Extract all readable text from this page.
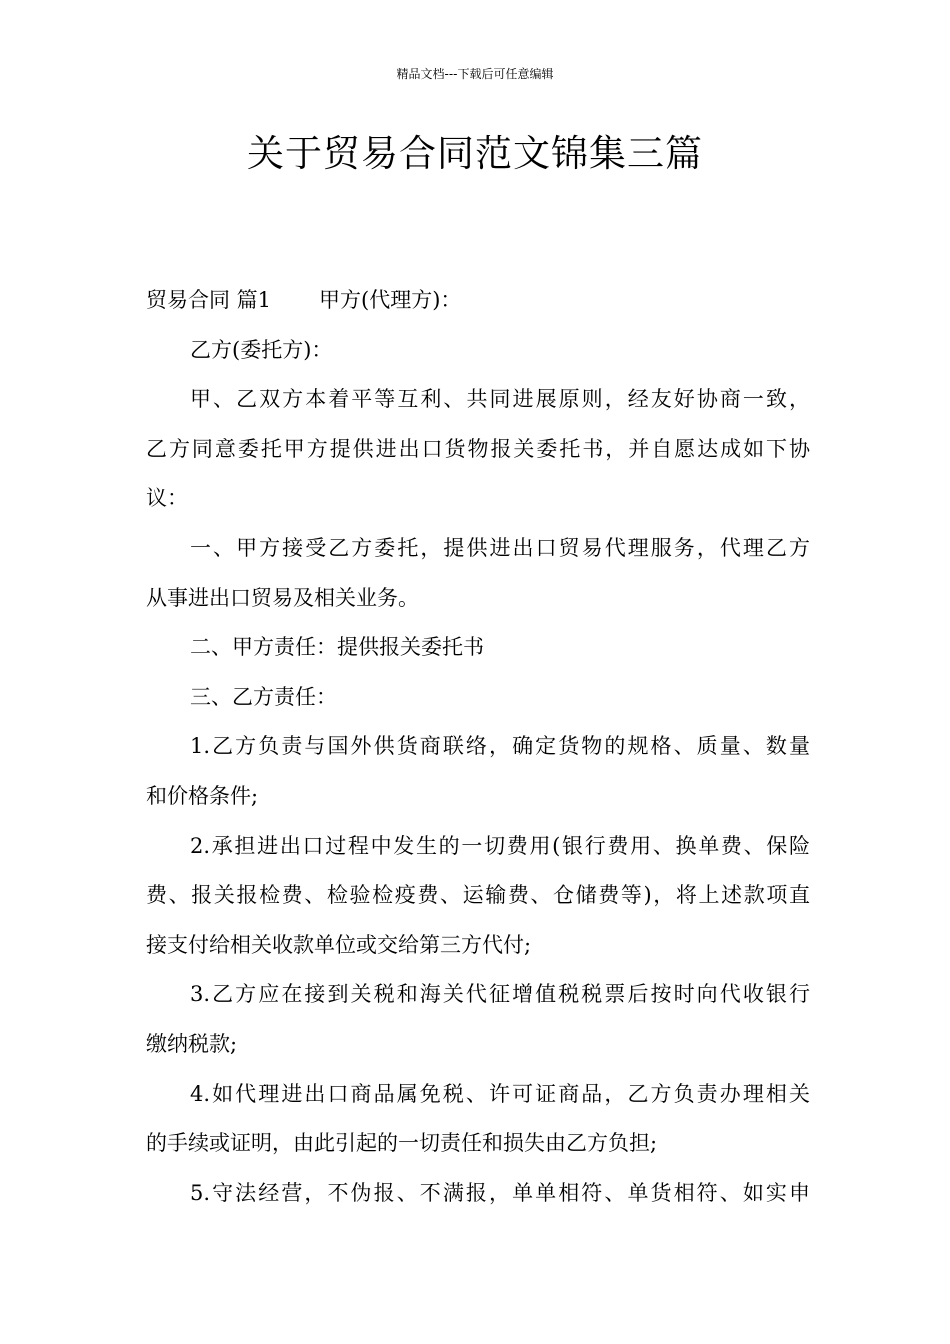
精品文档---下载后可任意编辑
关于贸易合同范文锦集三篇
贸易合同 篇1 甲方(代理方)：
乙方(委托方)：
甲、乙双方本着平等互利、共同进展原则，经友好协商一致，
乙方同意委托甲方提供进出口货物报关委托书，并自愿达成如下协
议：
一、甲方接受乙方委托，提供进出口贸易代理服务，代理乙方
从事进出口贸易及相关业务。
二、甲方责任：提供报关委托书
三、乙方责任：
1.乙方负责与国外供货商联络，确定货物的规格、质量、数量
和价格条件;
2.承担进出口过程中发生的一切费用(银行费用、换单费、保险
费、报关报检费、检验检疫费、运输费、仓储费等)，将上述款项直
接支付给相关收款单位或交给第三方代付;
3.乙方应在接到关税和海关代征增值税税票后按时向代收银行
缴纳税款;
4.如代理进出口商品属免税、许可证商品，乙方负责办理相关
的手续或证明，由此引起的一切责任和损失由乙方负担;
5.守法经营，不伪报、不满报，单单相符、单货相符、如实申
